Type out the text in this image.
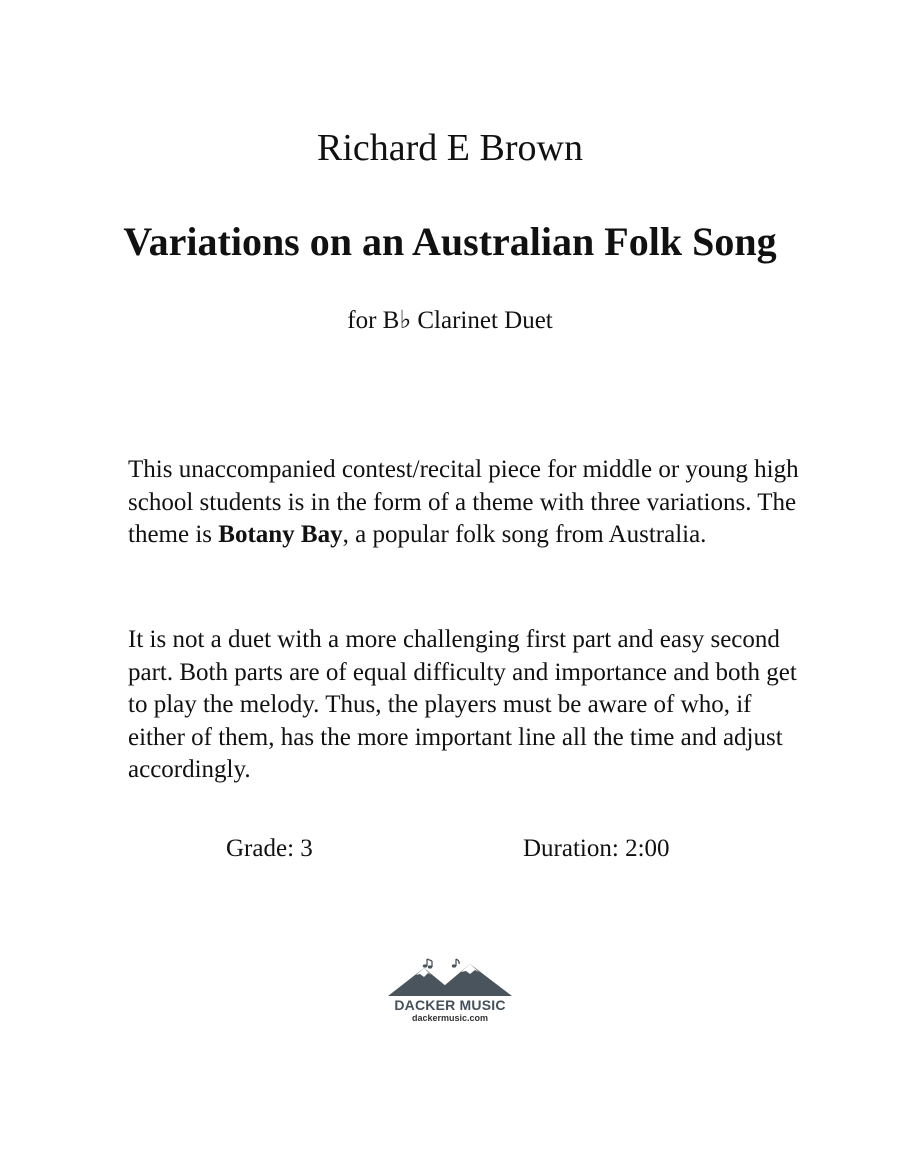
Richard E Brown
Variations on an Australian Folk Song

for B♭ Clarinet Duet

This unaccompanied contest/recital piece for middle or young high school students is in the form of a theme with three variations. The theme is Botany Bay, a popular folk song from Australia.

It is not a duet with a more challenging first part and easy second part. Both parts are of equal difficulty and importance and both get to play the melody. Thus, the players must be aware of who, if either of them, has the more important line all the time and adjust accordingly.

Grade: 3	Duration: 2:00

DACKER MUSIC
dackermusic.com
